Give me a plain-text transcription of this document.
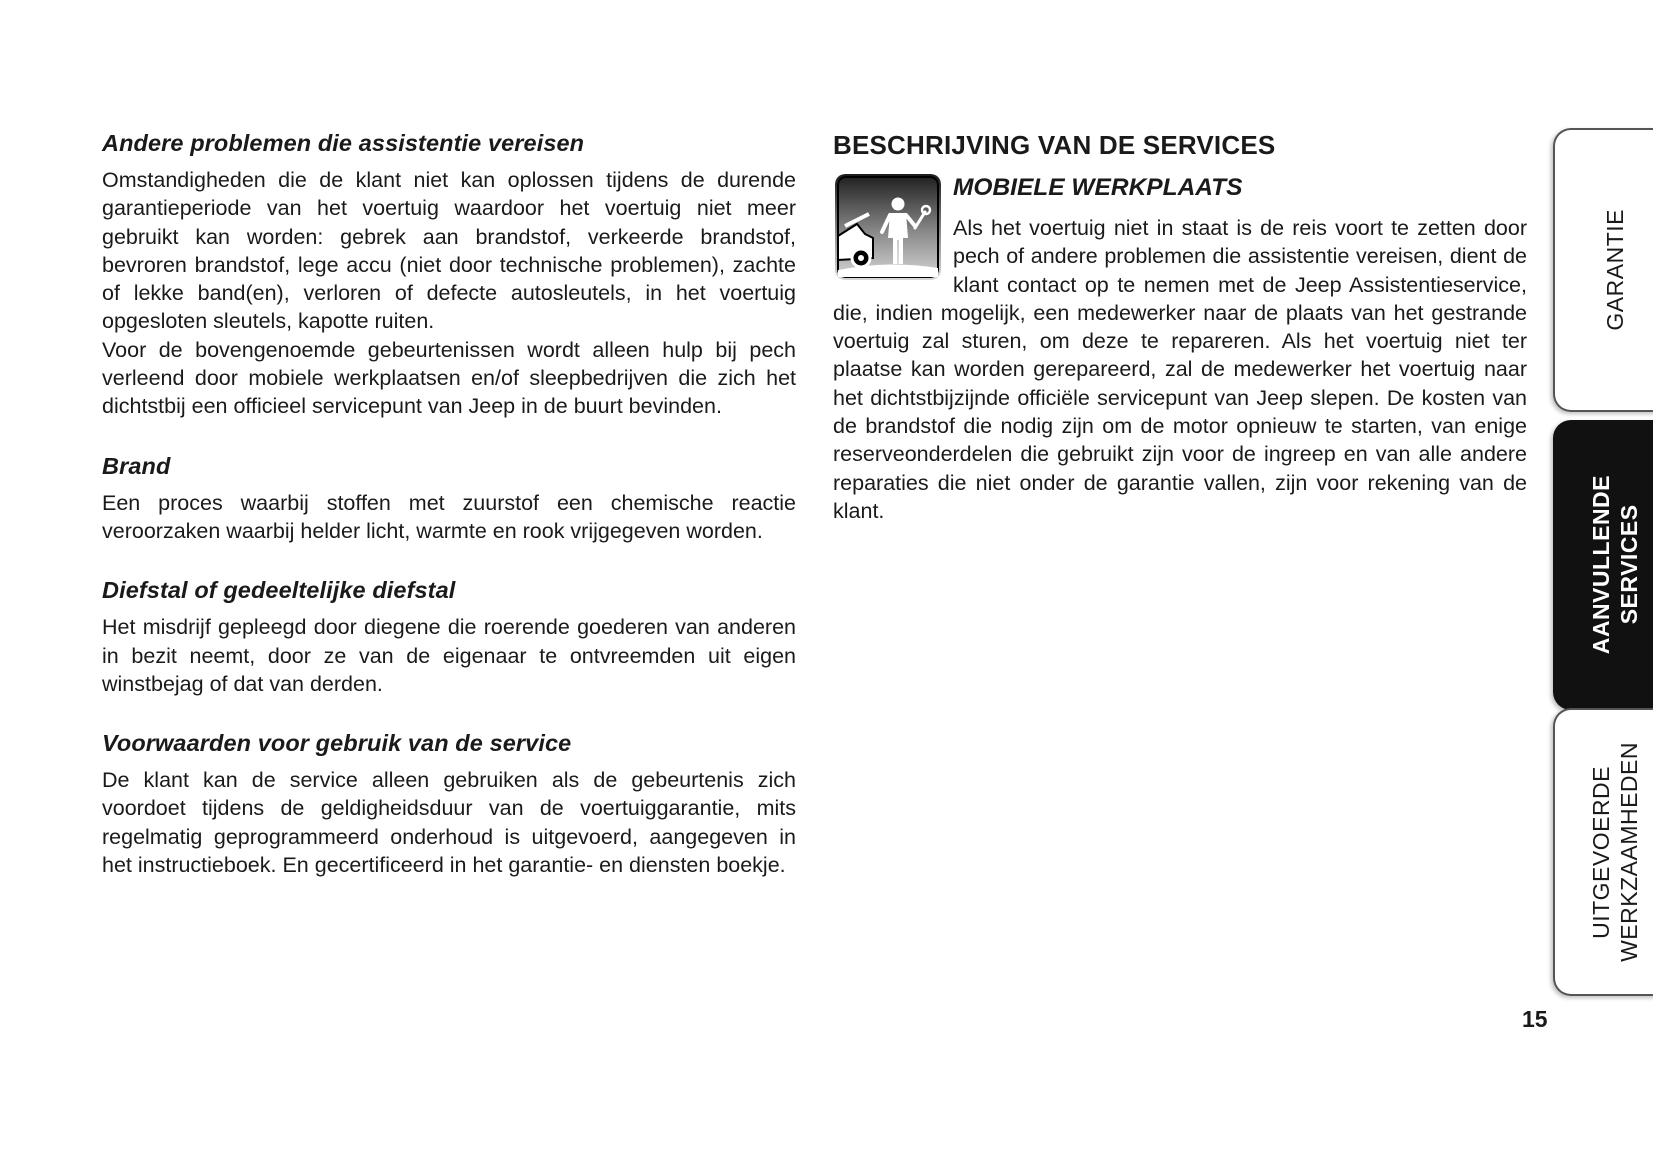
Andere problemen die assistentie vereisen

Omstandigheden die de klant niet kan oplossen tijdens de durende garantieperiode van het voertuig waardoor het voertuig niet meer gebruikt kan worden: gebrek aan brandstof, verkeerde brandstof, bevroren brandstof, lege accu (niet door technische problemen), zachte of lekke band(en), verloren of defecte autosleutels, in het voertuig opgesloten sleutels, kapotte ruiten.

Voor de bovengenoemde gebeurtenissen wordt alleen hulp bij pech verleend door mobiele werkplaatsen en/of sleepbedrijven die zich het dichtstbij een officieel servicepunt van Jeep in de buurt bevinden.

Brand

Een proces waarbij stoffen met zuurstof een chemische reactie veroorzaken waarbij helder licht, warmte en rook vrijgegeven worden.

Diefstal of gedeeltelijke diefstal

Het misdrijf gepleegd door diegene die roerende goederen van anderen in bezit neemt, door ze van de eigenaar te ontvreemden uit eigen winstbejag of dat van derden.

Voorwaarden voor gebruik van de service

De klant kan de service alleen gebruiken als de gebeurtenis zich voordoet tijdens de geldigheidsduur van de voertuiggarantie, mits regelmatig geprogrammeerd onderhoud is uitgevoerd, aangegeven in het instructieboek. En gecertificeerd in het garantie- en diensten boekje.

BESCHRIJVING VAN DE SERVICES
MOBIELE WERKPLAATS

Als het voertuig niet in staat is de reis voort te zetten door pech of andere problemen die assistentie vereisen, dient de klant contact op te nemen met de Jeep Assistentieservice, die, indien mogelijk, een medewerker naar de plaats van het gestrande voertuig zal sturen, om deze te repareren. Als het voertuig niet ter plaatse kan worden gerepareerd, zal de medewerker het voertuig naar het dichtstbijzijnde officiële servicepunt van Jeep slepen. De kosten van de brandstof die nodig zijn om de motor opnieuw te starten, van enige reserveonderdelen die gebruikt zijn voor de ingreep en van alle andere reparaties die niet onder de garantie vallen, zijn voor rekening van de klant.

GARANTIE
AANVULLENDE
SERVICES
UITGEVOERDE
WERKZAAMHEDEN
15
